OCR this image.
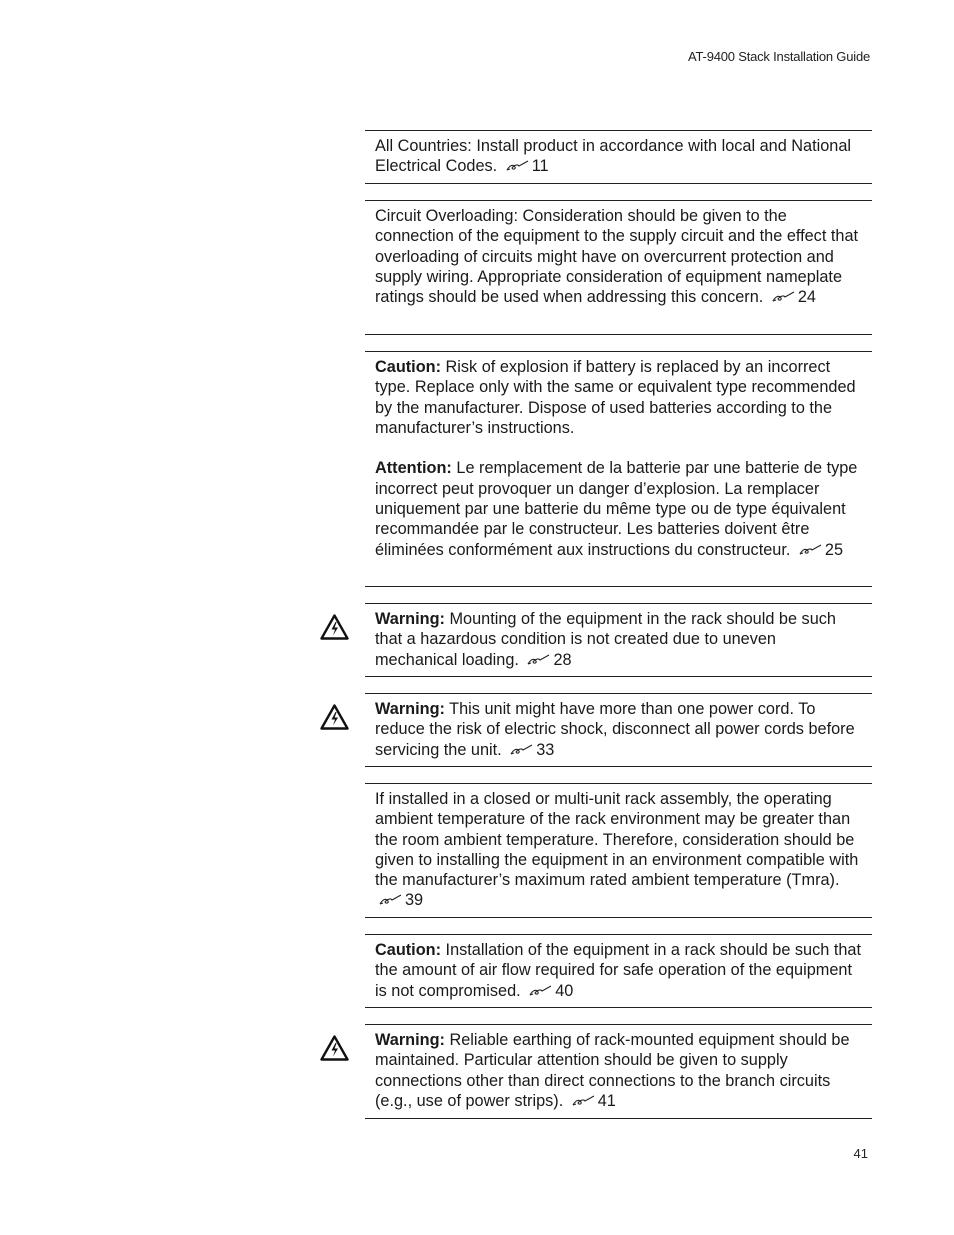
AT-9400 Stack Installation Guide

All Countries: Install product in accordance with local and National Electrical Codes. 11

Circuit Overloading: Consideration should be given to the connection of the equipment to the supply circuit and the effect that overloading of circuits might have on overcurrent protection and supply wiring. Appropriate consideration of equipment nameplate ratings should be used when addressing this concern. 24

Caution: Risk of explosion if battery is replaced by an incorrect type. Replace only with the same or equivalent type recommended by the manufacturer. Dispose of used batteries according to the manufacturer’s instructions.

Attention: Le remplacement de la batterie par une batterie de type incorrect peut provoquer un danger d’explosion. La remplacer uniquement par une batterie du même type ou de type équivalent recommandée par le constructeur. Les batteries doivent être éliminées conformément aux instructions du constructeur. 25

Warning: Mounting of the equipment in the rack should be such that a hazardous condition is not created due to uneven mechanical loading. 28

Warning: This unit might have more than one power cord. To reduce the risk of electric shock, disconnect all power cords before servicing the unit. 33

If installed in a closed or multi-unit rack assembly, the operating ambient temperature of the rack environment may be greater than the room ambient temperature. Therefore, consideration should be given to installing the equipment in an environment compatible with the manufacturer’s maximum rated ambient temperature (Tmra). 39

Caution: Installation of the equipment in a rack should be such that the amount of air flow required for safe operation of the equipment is not compromised. 40

Warning: Reliable earthing of rack-mounted equipment should be maintained. Particular attention should be given to supply connections other than direct connections to the branch circuits (e.g., use of power strips). 41

41
